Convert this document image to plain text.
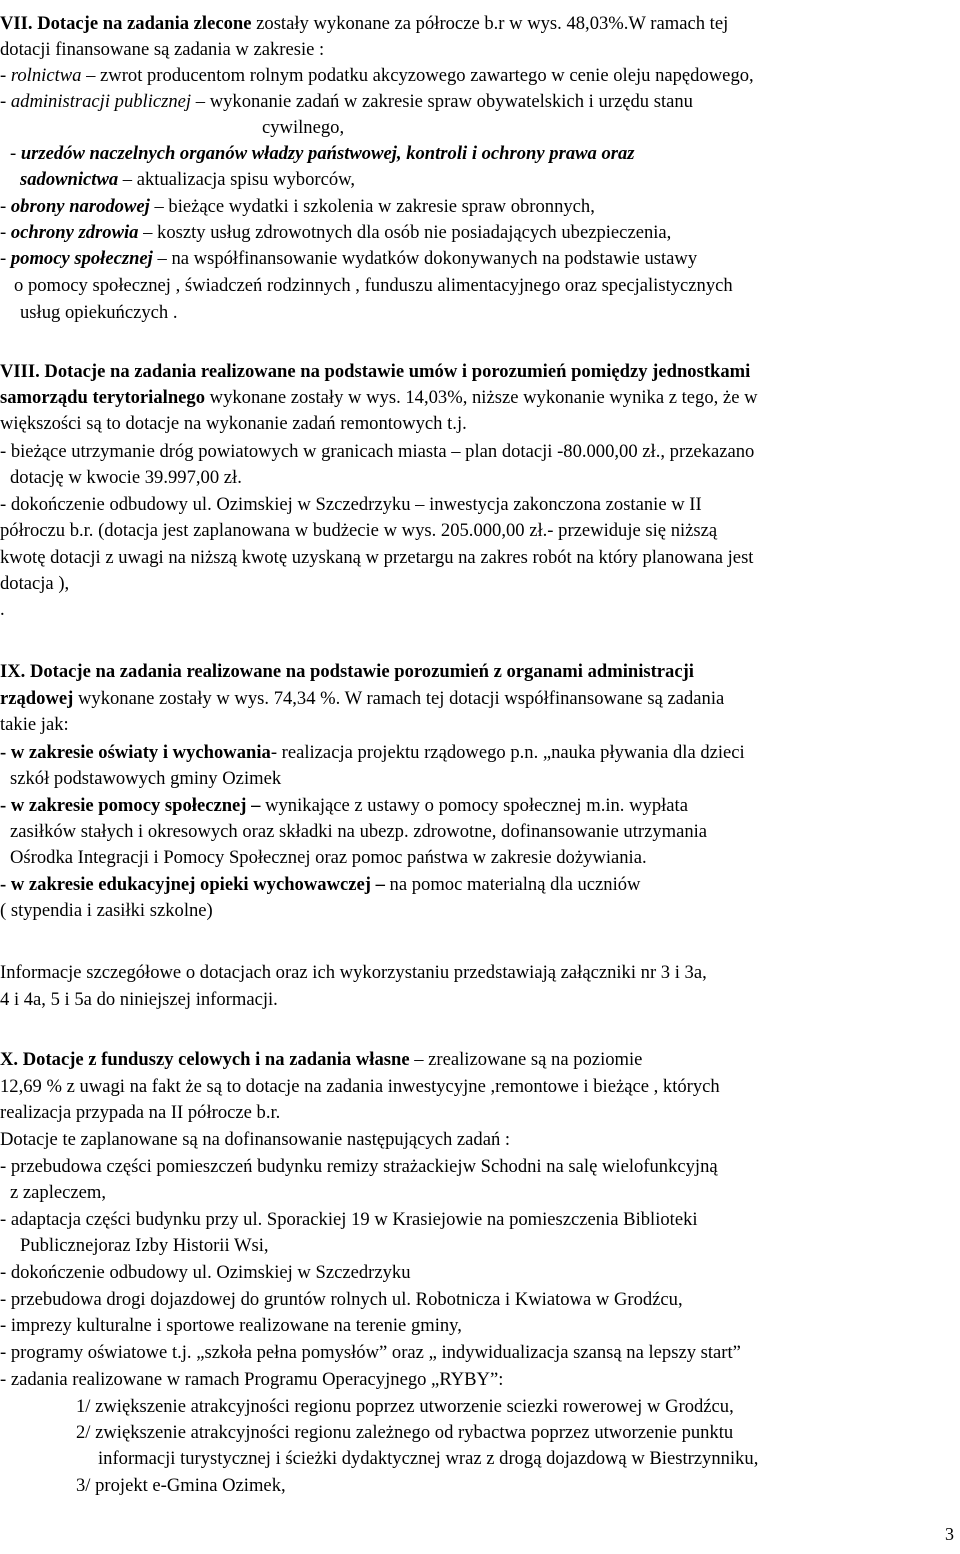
VII. Dotacje na zadania zlecone zostały wykonane za półrocze b.r w wys. 48,03%.W ramach tej
dotacji finansowane są zadania w zakresie :
- rolnictwa – zwrot producentom rolnym podatku akcyzowego zawartego w cenie oleju napędowego,
- administracji publicznej – wykonanie zadań w zakresie spraw obywatelskich i urzędu stanu
cywilnego,
- urzedów naczelnych organów władzy państwowej, kontroli i ochrony prawa oraz
sadownictwa – aktualizacja spisu wyborców,
- obrony narodowej – bieżące wydatki i szkolenia w zakresie spraw obronnych,
- ochrony zdrowia – koszty usług zdrowotnych dla osób nie posiadających ubezpieczenia,
- pomocy społecznej – na współfinansowanie wydatków dokonywanych na podstawie ustawy
o pomocy społecznej , świadczeń rodzinnych , funduszu alimentacyjnego oraz specjalistycznych
usług opiekuńczych .
VIII. Dotacje na zadania realizowane na podstawie umów i porozumień pomiędzy jednostkami
samorządu terytorialnego wykonane zostały w wys. 14,03%, niższe wykonanie wynika z tego, że w
większości są to dotacje na wykonanie zadań remontowych t.j.
- bieżące utrzymanie dróg powiatowych w granicach miasta – plan dotacji -80.000,00 zł., przekazano
dotację w kwocie 39.997,00 zł.
- dokończenie odbudowy ul. Ozimskiej w Szczedrzyku – inwestycja zakonczona zostanie w II
półroczu b.r. (dotacja jest zaplanowana w budżecie w wys. 205.000,00 zł.- przewiduje się niższą
kwotę dotacji z uwagi na niższą kwotę uzyskaną w przetargu na zakres robót na który planowana jest
dotacja ),
.
IX. Dotacje na zadania realizowane na podstawie porozumień z organami administracji
rządowej wykonane zostały w wys. 74,34 %. W ramach tej dotacji współfinansowane są zadania
takie jak:
- w zakresie oświaty i wychowania- realizacja projektu rządowego p.n. „nauka pływania dla dzieci
szkół podstawowych gminy Ozimek
- w zakresie pomocy społecznej – wynikające z ustawy o pomocy społecznej m.in. wypłata
zasiłków stałych i okresowych oraz składki na ubezp. zdrowotne, dofinansowanie utrzymania
Ośrodka Integracji i Pomocy Społecznej oraz pomoc państwa w zakresie dożywiania.
- w zakresie edukacyjnej opieki wychowawczej – na pomoc materialną dla uczniów
( stypendia i zasiłki szkolne)
Informacje szczegółowe o dotacjach oraz ich wykorzystaniu przedstawiają załączniki nr 3 i 3a,
4 i 4a, 5 i 5a do niniejszej informacji.
X. Dotacje z funduszy celowych i na zadania własne – zrealizowane są na poziomie
12,69 % z uwagi na fakt że są to dotacje na zadania inwestycyjne ,remontowe i bieżące , których
realizacja przypada na II półrocze b.r.
Dotacje te zaplanowane są na dofinansowanie następujących zadań :
- przebudowa części pomieszczeń budynku remizy strażackiejw Schodni na salę wielofunkcyjną
z zapleczem,
- adaptacja części budynku przy ul. Sporackiej 19 w Krasiejowie na pomieszczenia Biblioteki
Publicznejoraz Izby Historii Wsi,
- dokończenie odbudowy ul. Ozimskiej w Szczedrzyku
- przebudowa drogi dojazdowej do gruntów rolnych ul. Robotnicza i Kwiatowa w Grodźcu,
- imprezy kulturalne i sportowe realizowane na terenie gminy,
- programy oświatowe t.j. „szkoła pełna pomysłów” oraz „ indywidualizacja szansą na lepszy start”
- zadania realizowane w ramach Programu Operacyjnego „RYBY”:
1/ zwiększenie atrakcyjności regionu poprzez utworzenie sciezki rowerowej w Grodźcu,
2/ zwiększenie atrakcyjności regionu zależnego od rybactwa poprzez utworzenie punktu
informacji turystycznej i ścieżki dydaktycznej wraz z drogą dojazdową w Biestrzynniku,
3/ projekt e-Gmina Ozimek,
3
